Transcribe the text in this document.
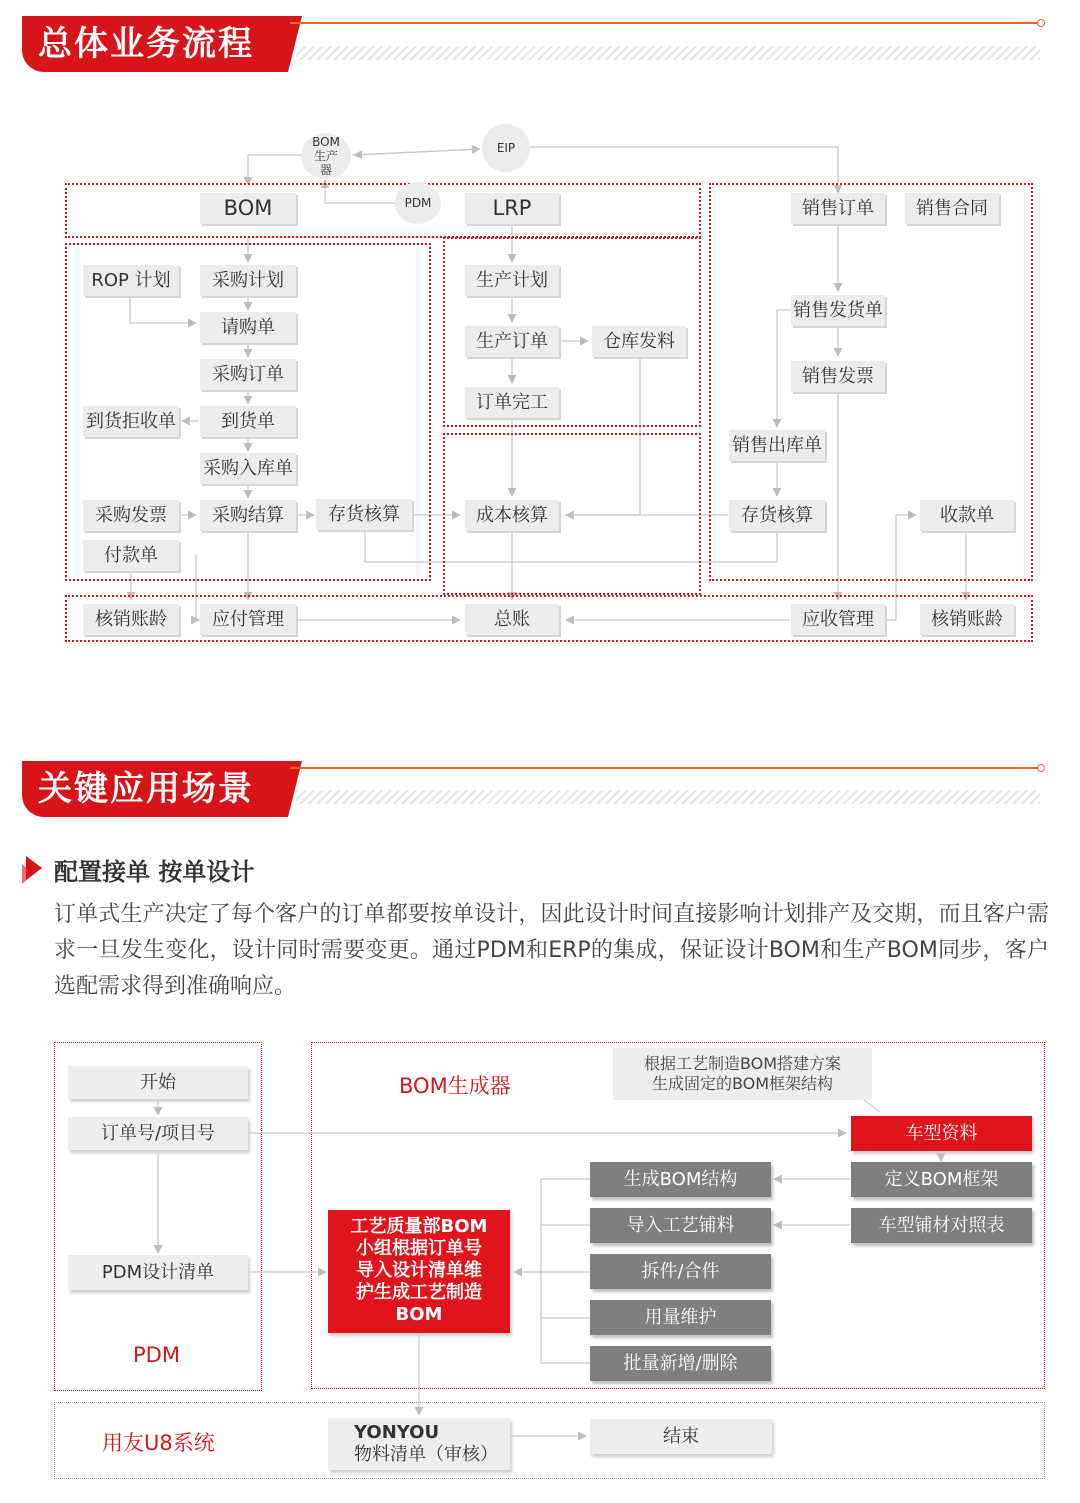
总体业务流程
BOM生产器
EIP
PDM
BOM	LRP	销售订单	销售合同
ROP 计划	采购计划
请购单
采购订单
到货拒收单	到货单
采购入库单
采购发票	采购结算	存货核算
付款单
生产计划
生产订单	仓库发料
订单完工
成本核算
销售发货单
销售发票
销售出库单
存货核算	收款单
核销账龄	应付管理	总账	应收管理	核销账龄
关键应用场景
配置接单 按单设计
订单式生产决定了每个客户的订单都要按单设计，因此设计时间直接影响计划排产及交期，而且客户需求一旦发生变化，设计同时需要变更。通过PDM和ERP的集成，保证设计BOM和生产BOM同步，客户选配需求得到准确响应。
开始
订单号/项目号
PDM设计清单
PDM
BOM生成器
根据工艺制造BOM搭建方案
生成固定的BOM框架结构
车型资料
定义BOM框架
车型铺材对照表
生成BOM结构
导入工艺铺料
拆件/合件
用量维护
批量新增/删除
工艺质量部BOM
小组根据订单号
导入设计清单维
护生成工艺制造
BOM
用友U8系统	YONYOU
物料清单（审核）
结束
